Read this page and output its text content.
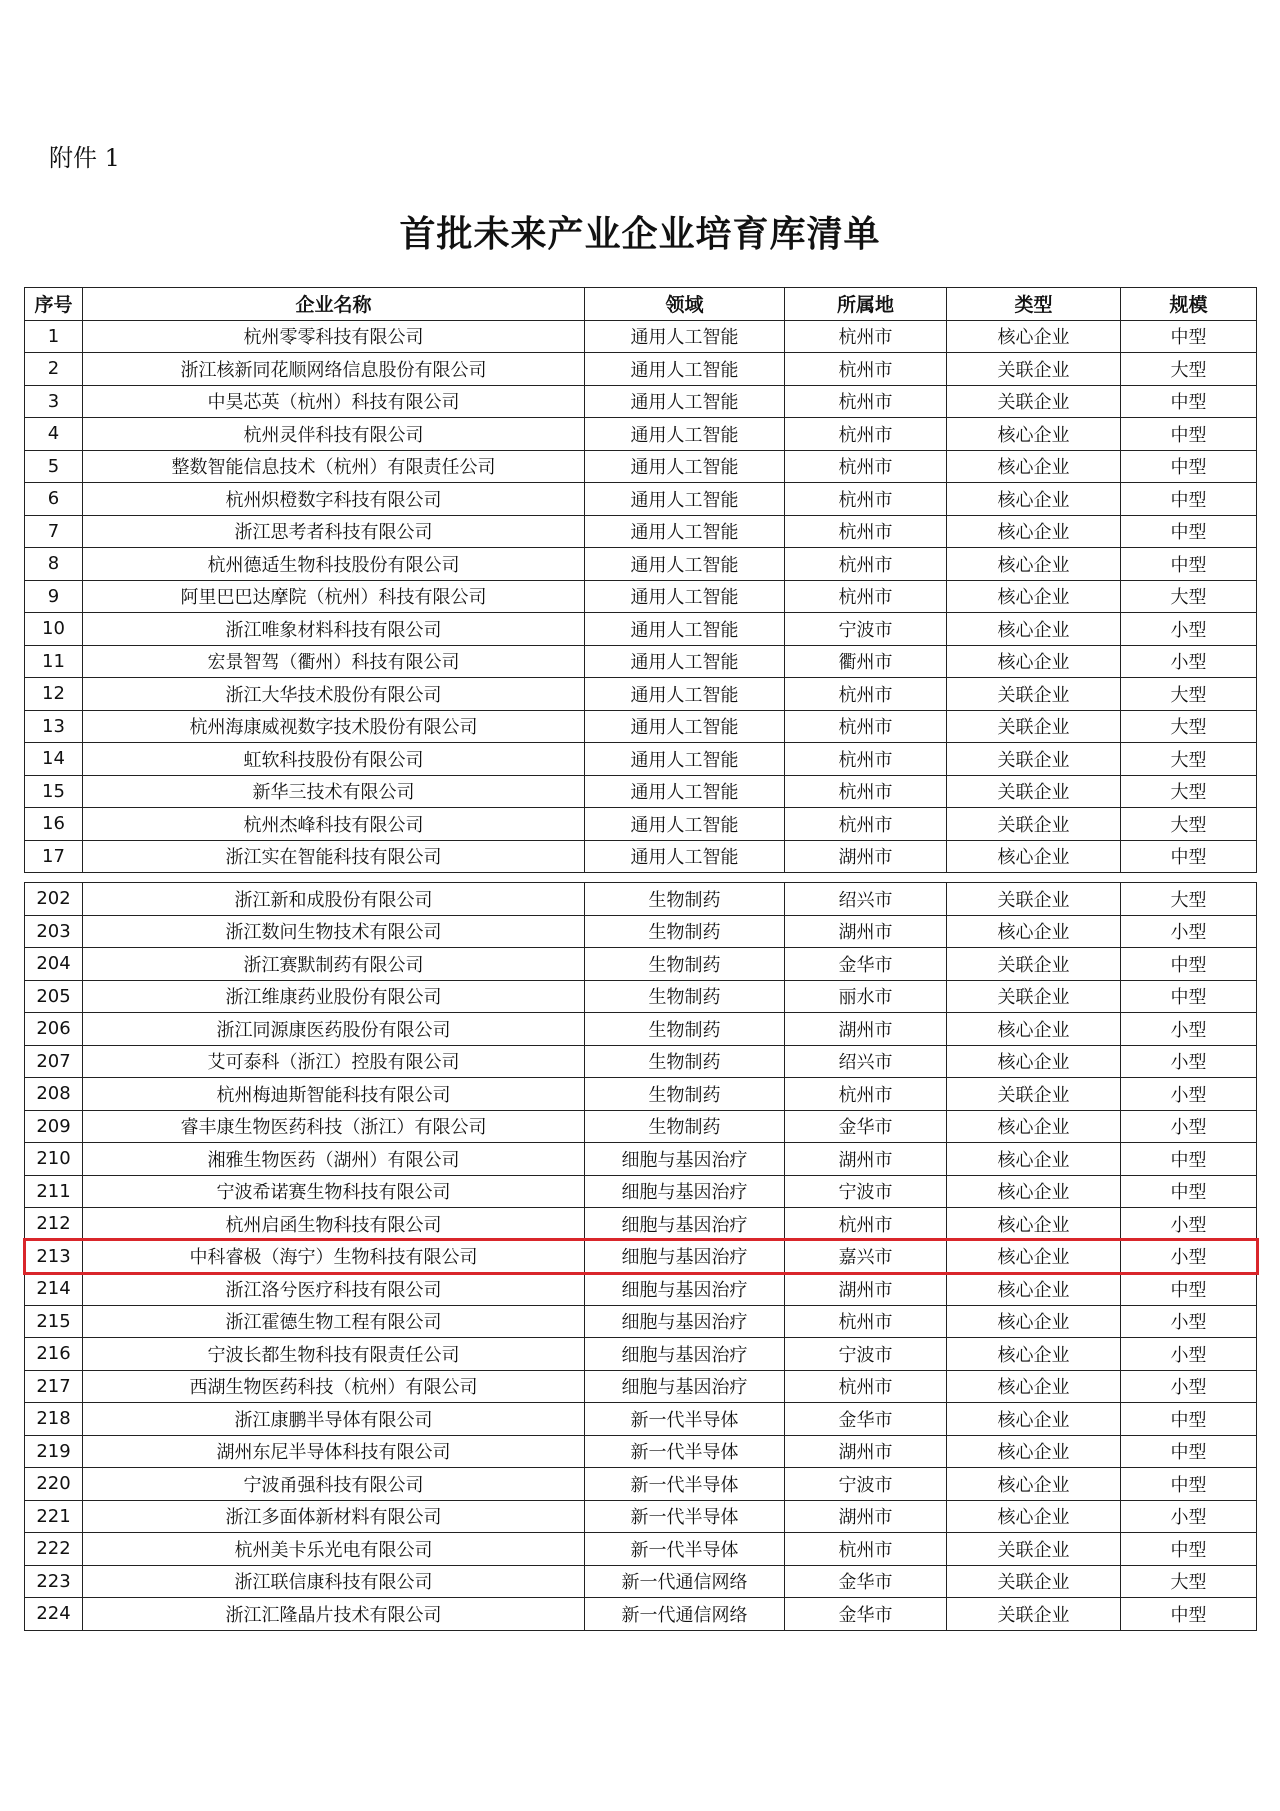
附件 1
首批未来产业企业培育库清单
序号	企业名称	领域	所属地	类型	规模
1	杭州零零科技有限公司	通用人工智能	杭州市	核心企业	中型
2	浙江核新同花顺网络信息股份有限公司	通用人工智能	杭州市	关联企业	大型
3	中昊芯英（杭州）科技有限公司	通用人工智能	杭州市	关联企业	中型
4	杭州灵伴科技有限公司	通用人工智能	杭州市	核心企业	中型
5	整数智能信息技术（杭州）有限责任公司	通用人工智能	杭州市	核心企业	中型
6	杭州炽橙数字科技有限公司	通用人工智能	杭州市	核心企业	中型
7	浙江思考者科技有限公司	通用人工智能	杭州市	核心企业	中型
8	杭州德适生物科技股份有限公司	通用人工智能	杭州市	核心企业	中型
9	阿里巴巴达摩院（杭州）科技有限公司	通用人工智能	杭州市	核心企业	大型
10	浙江唯象材料科技有限公司	通用人工智能	宁波市	核心企业	小型
11	宏景智驾（衢州）科技有限公司	通用人工智能	衢州市	核心企业	小型
12	浙江大华技术股份有限公司	通用人工智能	杭州市	关联企业	大型
13	杭州海康威视数字技术股份有限公司	通用人工智能	杭州市	关联企业	大型
14	虹软科技股份有限公司	通用人工智能	杭州市	关联企业	大型
15	新华三技术有限公司	通用人工智能	杭州市	关联企业	大型
16	杭州杰峰科技有限公司	通用人工智能	杭州市	关联企业	大型
17	浙江实在智能科技有限公司	通用人工智能	湖州市	核心企业	中型
202	浙江新和成股份有限公司	生物制药	绍兴市	关联企业	大型
203	浙江数问生物技术有限公司	生物制药	湖州市	核心企业	小型
204	浙江赛默制药有限公司	生物制药	金华市	关联企业	中型
205	浙江维康药业股份有限公司	生物制药	丽水市	关联企业	中型
206	浙江同源康医药股份有限公司	生物制药	湖州市	核心企业	小型
207	艾可泰科（浙江）控股有限公司	生物制药	绍兴市	核心企业	小型
208	杭州梅迪斯智能科技有限公司	生物制药	杭州市	关联企业	小型
209	睿丰康生物医药科技（浙江）有限公司	生物制药	金华市	核心企业	小型
210	湘雅生物医药（湖州）有限公司	细胞与基因治疗	湖州市	核心企业	中型
211	宁波希诺赛生物科技有限公司	细胞与基因治疗	宁波市	核心企业	中型
212	杭州启函生物科技有限公司	细胞与基因治疗	杭州市	核心企业	小型
213	中科睿极（海宁）生物科技有限公司	细胞与基因治疗	嘉兴市	核心企业	小型
214	浙江洛兮医疗科技有限公司	细胞与基因治疗	湖州市	核心企业	中型
215	浙江霍德生物工程有限公司	细胞与基因治疗	杭州市	核心企业	小型
216	宁波长都生物科技有限责任公司	细胞与基因治疗	宁波市	核心企业	小型
217	西湖生物医药科技（杭州）有限公司	细胞与基因治疗	杭州市	核心企业	小型
218	浙江康鹏半导体有限公司	新一代半导体	金华市	核心企业	中型
219	湖州东尼半导体科技有限公司	新一代半导体	湖州市	核心企业	中型
220	宁波甬强科技有限公司	新一代半导体	宁波市	核心企业	中型
221	浙江多面体新材料有限公司	新一代半导体	湖州市	核心企业	小型
222	杭州美卡乐光电有限公司	新一代半导体	杭州市	关联企业	中型
223	浙江联信康科技有限公司	新一代通信网络	金华市	关联企业	大型
224	浙江汇隆晶片技术有限公司	新一代通信网络	金华市	关联企业	中型
